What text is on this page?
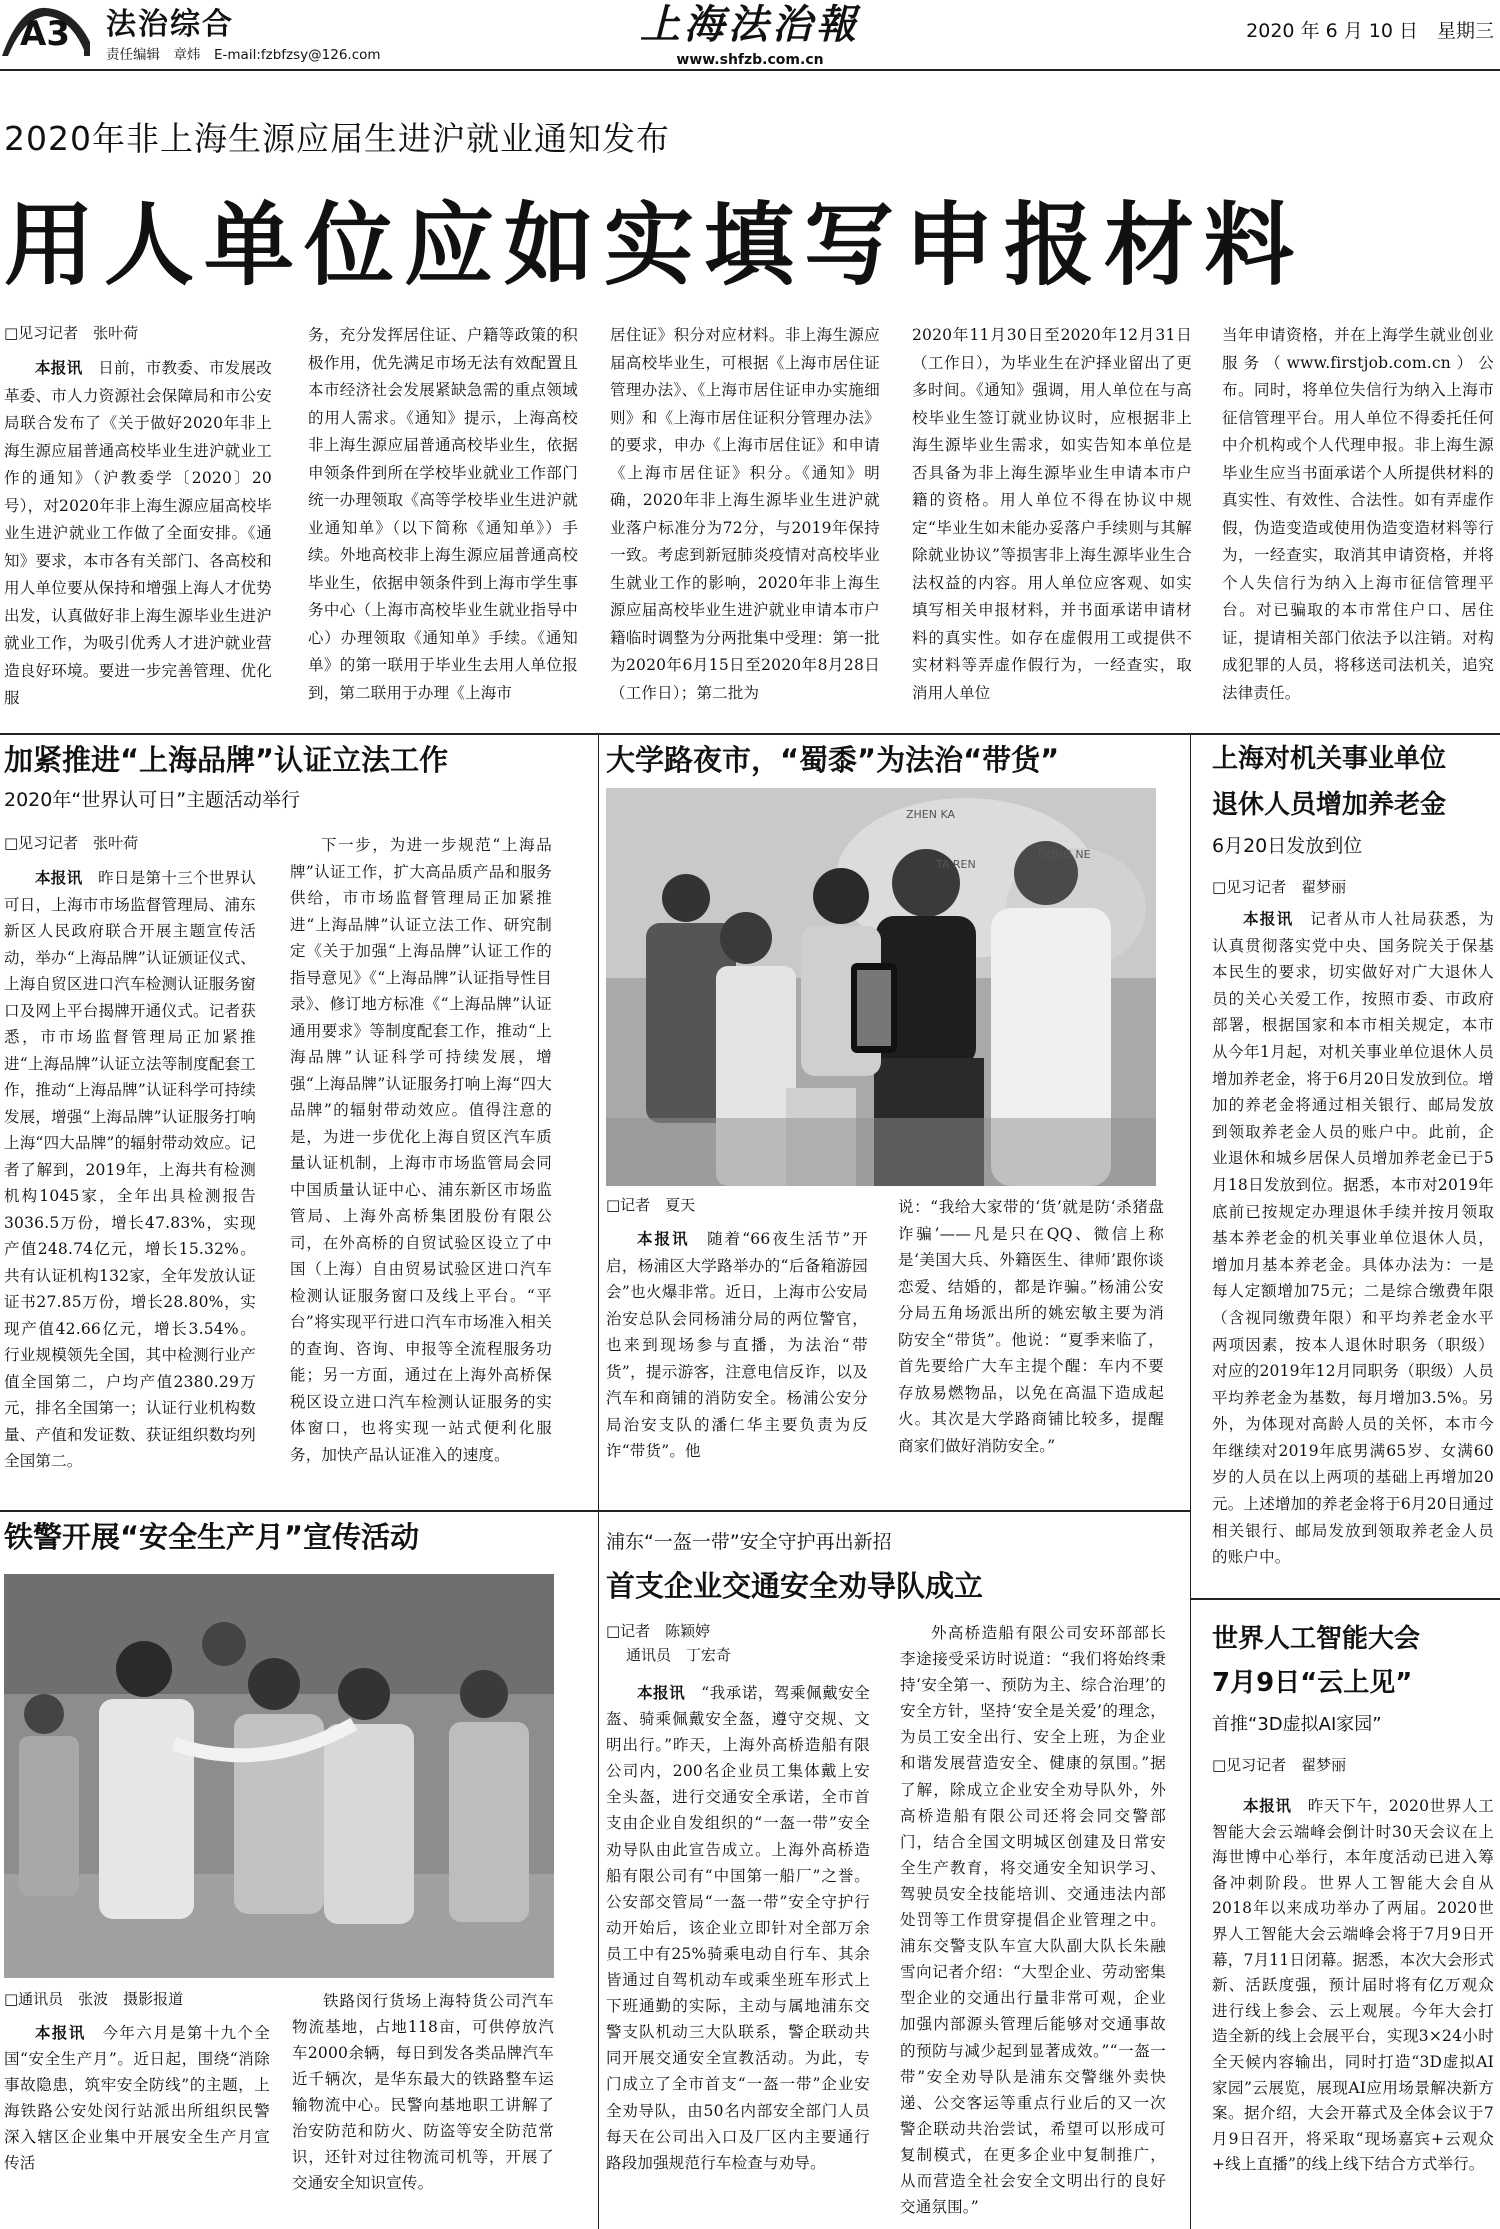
A3 法治综合
责任编辑　章炜　E-mail:fzbfzsy@126.com
上海法治報
www.shfzb.com.cn
2020 年 6 月 10 日　星期三
2020年非上海生源应届生进沪就业通知发布
用人单位应如实填写申报材料
□见习记者　张叶荷

本报讯　日前，市教委、市发展改革委、市人力资源社会保障局和市公安局联合发布了《关于做好2020年非上海生源应届普通高校毕业生进沪就业工作的通知》（沪教委学〔2020〕20号），对2020年非上海生源应届高校毕业生进沪就业工作做了全面安排。《通知》要求，本市各有关部门、各高校和用人单位要从保持和增强上海人才优势出发，认真做好非上海生源毕业生进沪就业工作，为吸引优秀人才进沪就业营造良好环境。要进一步完善管理、优化服

务，充分发挥居住证、户籍等政策的积极作用，优先满足市场无法有效配置且本市经济社会发展紧缺急需的重点领域的用人需求。《通知》提示，上海高校非上海生源应届普通高校毕业生，依据申领条件到所在学校毕业就业工作部门统一办理领取《高等学校毕业生进沪就业通知单》（以下简称《通知单》）手续。外地高校非上海生源应届普通高校毕业生，依据申领条件到上海市学生事务中心（上海市高校毕业生就业指导中心）办理领取《通知单》手续。《通知单》的第一联用于毕业生去用人单位报到，第二联用于办理《上海市

居住证》积分对应材料。非上海生源应届高校毕业生，可根据《上海市居住证管理办法》、《上海市居住证申办实施细则》和《上海市居住证积分管理办法》的要求，申办《上海市居住证》和申请《上海市居住证》积分。《通知》明确，2020年非上海生源毕业生进沪就业落户标准分为72分，与2019年保持一致。考虑到新冠肺炎疫情对高校毕业生就业工作的影响，2020年非上海生源应届高校毕业生进沪就业申请本市户籍临时调整为分两批集中受理：第一批为2020年6月15日至2020年8月28日（工作日）；第二批为

2020年11月30日至2020年12月31日（工作日），为毕业生在沪择业留出了更多时间。《通知》强调，用人单位在与高校毕业生签订就业协议时，应根据非上海生源毕业生需求，如实告知本单位是否具备为非上海生源毕业生申请本市户籍的资格。用人单位不得在协议中规定“毕业生如未能办妥落户手续则与其解除就业协议”等损害非上海生源毕业生合法权益的内容。用人单位应客观、如实填写相关申报材料，并书面承诺申请材料的真实性。如存在虚假用工或提供不实材料等弄虚作假行为，一经查实，取消用人单位

当年申请资格，并在上海学生就业创业服务（www.firstjob.com.cn）公布。同时，将单位失信行为纳入上海市征信管理平台。用人单位不得委托任何中介机构或个人代理申报。非上海生源毕业生应当书面承诺个人所提供材料的真实性、有效性、合法性。如有弄虚作假，伪造变造或使用伪造变造材料等行为，一经查实，取消其申请资格，并将个人失信行为纳入上海市征信管理平台。对已骗取的本市常住户口、居住证，提请相关部门依法予以注销。对构成犯罪的人员，将移送司法机关，追究法律责任。

加紧推进“上海品牌”认证立法工作
2020年“世界认可日”主题活动举行
□见习记者　张叶荷

本报讯　昨日是第十三个世界认可日，上海市市场监督管理局、浦东新区人民政府联合开展主题宣传活动，举办“上海品牌”认证颁证仪式、上海自贸区进口汽车检测认证服务窗口及网上平台揭牌开通仪式。记者获悉，市市场监督管理局正加紧推进“上海品牌”认证立法等制度配套工作，推动“上海品牌”认证科学可持续发展，增强“上海品牌”认证服务打响上海“四大品牌”的辐射带动效应。记者了解到，2019年，上海共有检测机构1045家，全年出具检测报告3036.5万份，增长47.83%，实现产值248.74亿元，增长15.32%。共有认证机构132家，全年发放认证证书27.85万份，增长28.80%，实现产值42.66亿元，增长3.54%。行业规模领先全国，其中检测行业产值全国第二，户均产值2380.29万元，排名全国第一；认证行业机构数量、产值和发证数、获证组织数均列全国第二。

下一步，为进一步规范“上海品牌”认证工作，扩大高品质产品和服务供给，市市场监督管理局正加紧推进“上海品牌”认证立法工作、研究制定《关于加强“上海品牌”认证工作的指导意见》《“上海品牌”认证指导性目录》、修订地方标准《“上海品牌”认证通用要求》等制度配套工作，推动“上海品牌”认证科学可持续发展，增强“上海品牌”认证服务打响上海“四大品牌”的辐射带动效应。值得注意的是，为进一步优化上海自贸区汽车质量认证机制，上海市市场监管局会同中国质量认证中心、浦东新区市场监管局、上海外高桥集团股份有限公司，在外高桥的自贸试验区设立了中国（上海）自由贸易试验区进口汽车检测认证服务窗口及线上平台。“平台”将实现平行进口汽车市场准入相关的查询、咨询、申报等全流程服务功能；另一方面，通过在上海外高桥保税区设立进口汽车检测认证服务的实体窗口，也将实现一站式便利化服务，加快产品认证准入的速度。

大学路夜市，“蜀黍”为法治“带货”
ZHEN KA
TA REN
DONG NE
□记者　夏天

本报讯　随着“66夜生活节”开启，杨浦区大学路举办的“后备箱游园会”也火爆非常。近日，上海市公安局治安总队会同杨浦分局的两位警官，也来到现场参与直播，为法治“带货”，提示游客，注意电信反诈，以及汽车和商铺的消防安全。杨浦公安分局治安支队的潘仁华主要负责为反诈“带货”。他

说：“我给大家带的‘货’就是防‘杀猪盘诈骗’——凡是只在QQ、微信上称是‘美国大兵、外籍医生、律师’跟你谈恋爱、结婚的，都是诈骗。”杨浦公安分局五角场派出所的姚宏敏主要为消防安全“带货”。他说：“夏季来临了，首先要给广大车主提个醒：车内不要存放易燃物品，以免在高温下造成起火。其次是大学路商铺比较多，提醒商家们做好消防安全。”

上海对机关事业单位
退休人员增加养老金
6月20日发放到位
□见习记者　翟梦丽

本报讯　记者从市人社局获悉，为认真贯彻落实党中央、国务院关于保基本民生的要求，切实做好对广大退休人员的关心关爱工作，按照市委、市政府部署，根据国家和本市相关规定，本市从今年1月起，对机关事业单位退休人员增加养老金，将于6月20日发放到位。增加的养老金将通过相关银行、邮局发放到领取养老金人员的账户中。此前，企业退休和城乡居保人员增加养老金已于5月18日发放到位。据悉，本市对2019年底前已按规定办理退休手续并按月领取基本养老金的机关事业单位退休人员，增加月基本养老金。具体办法为：一是每人定额增加75元；二是综合缴费年限（含视同缴费年限）和平均养老金水平两项因素，按本人退休时职务（职级）对应的2019年12月同职务（职级）人员平均养老金为基数，每月增加3.5%。另外，为体现对高龄人员的关怀，本市今年继续对2019年底男满65岁、女满60岁的人员在以上两项的基础上再增加20元。上述增加的养老金将于6月20日通过相关银行、邮局发放到领取养老金人员的账户中。

铁警开展“安全生产月”宣传活动
□通讯员　张波　摄影报道

本报讯　今年六月是第十九个全国“安全生产月”。近日起，围绕“消除事故隐患，筑牢安全防线”的主题，上海铁路公安处闵行站派出所组织民警深入辖区企业集中开展安全生产月宣传活

铁路闵行货场上海特货公司汽车物流基地，占地118亩，可供停放汽车2000余辆，每日到发各类品牌汽车近千辆次，是华东最大的铁路整车运输物流中心。民警向基地职工讲解了治安防范和防火、防盗等安全防范常识，还针对过往物流司机等，开展了交通安全知识宣传。

浦东“一盔一带”安全守护再出新招
首支企业交通安全劝导队成立
□记者　陈颖婷
通讯员　丁宏奇

本报讯　“我承诺，驾乘佩戴安全盔、骑乘佩戴安全盔，遵守交规、文明出行。”昨天，上海外高桥造船有限公司内，200名企业员工集体戴上安全头盔，进行交通安全承诺，全市首支由企业自发组织的“一盔一带”安全劝导队由此宣告成立。上海外高桥造船有限公司有“中国第一船厂”之誉。公安部交管局“一盔一带”安全守护行动开始后，该企业立即针对全部万余员工中有25%骑乘电动自行车、其余皆通过自驾机动车或乘坐班车形式上下班通勤的实际，主动与属地浦东交警支队机动三大队联系，警企联动共同开展交通安全宣教活动。为此，专门成立了全市首支“一盔一带”企业安全劝导队，由50名内部安全部门人员每天在公司出入口及厂区内主要通行路段加强规范行车检查与劝导。

外高桥造船有限公司安环部部长李途接受采访时说道：“我们将始终秉持‘安全第一、预防为主、综合治理’的安全方针，坚持‘安全是关爱’的理念，为员工安全出行、安全上班，为企业和谐发展营造安全、健康的氛围。”据了解，除成立企业安全劝导队外，外高桥造船有限公司还将会同交警部门，结合全国文明城区创建及日常安全生产教育，将交通安全知识学习、驾驶员安全技能培训、交通违法内部处罚等工作贯穿提倡企业管理之中。浦东交警支队车宣大队副大队长朱融雪向记者介绍：“大型企业、劳动密集型企业的交通出行量非常可观，企业加强内部源头管理后能够对交通事故的预防与减少起到显著成效。”“一盔一带”安全劝导队是浦东交警继外卖快递、公交客运等重点行业后的又一次警企联动共治尝试，希望可以形成可复制模式，在更多企业中复制推广，从而营造全社会安全文明出行的良好交通氛围。”

世界人工智能大会
7月9日“云上见”
首推“3D虚拟AI家园”
□见习记者　翟梦丽

本报讯　昨天下午，2020世界人工智能大会云端峰会倒计时30天会议在上海世博中心举行，本年度活动已进入筹备冲刺阶段。世界人工智能大会自从2018年以来成功举办了两届。2020世界人工智能大会云端峰会将于7月9日开幕，7月11日闭幕。据悉，本次大会形式新、活跃度强，预计届时将有亿万观众进行线上参会、云上观展。今年大会打造全新的线上会展平台，实现3×24小时全天候内容输出，同时打造“3D虚拟AI家园”云展览，展现AI应用场景解决新方案。据介绍，大会开幕式及全体会议于7月9日召开，将采取“现场嘉宾+云观众+线上直播”的线上线下结合方式举行。
